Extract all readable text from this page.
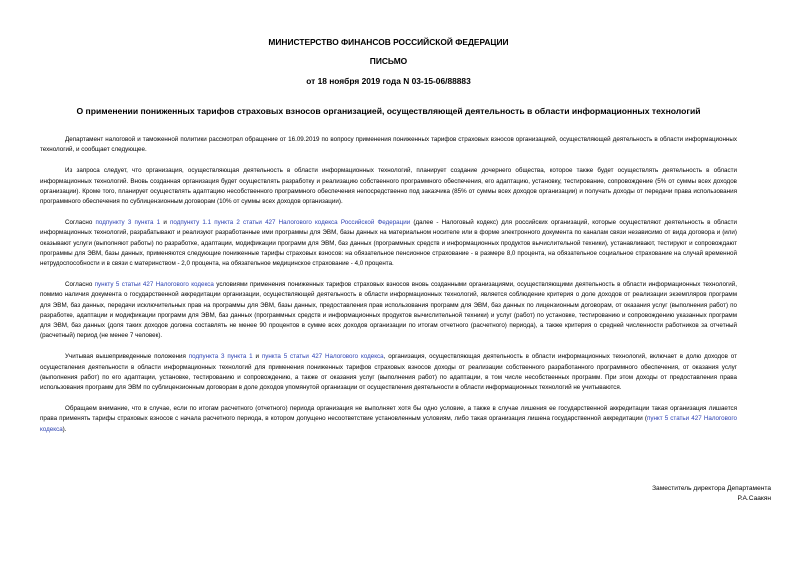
МИНИСТЕРСТВО ФИНАНСОВ РОССИЙСКОЙ ФЕДЕРАЦИИ
ПИСЬМО
от 18 ноября 2019 года N 03-15-06/88883
О применении пониженных тарифов страховых взносов организацией, осуществляющей деятельность в области информационных технологий

Департамент налоговой и таможенной политики рассмотрел обращение от 16.09.2019 по вопросу применения пониженных тарифов страховых взносов организацией, осуществляющей деятельность в области информационных технологий, и сообщает следующее.

Из запроса следует, что организация, осуществляющая деятельность в области информационных технологий, планирует создание дочернего общества, которое также будет осуществлять деятельность в области информационных технологий. Вновь созданная организация будет осуществлять разработку и реализацию собственного программного обеспечения, его адаптацию, установку, тестирование, сопровождение (5% от суммы всех доходов организации). Кроме того, планирует осуществлять адаптацию несобственного программного обеспечения непосредственно под заказчика (85% от суммы всех доходов организации) и получать доходы от передачи права использования программного обеспечения по сублицензионным договорам (10% от суммы всех доходов организации).

Согласно подпункту 3 пункта 1 и подпункту 1.1 пункта 2 статьи 427 Налогового кодекса Российской Федерации (далее - Налоговый кодекс) для российских организаций, которые осуществляют деятельность в области информационных технологий, разрабатывают и реализуют разработанные ими программы для ЭВМ, базы данных на материальном носителе или в форме электронного документа по каналам связи независимо от вида договора и (или) оказывают услуги (выполняют работы) по разработке, адаптации, модификации программ для ЭВМ, баз данных (программных средств и информационных продуктов вычислительной техники), устанавливают, тестируют и сопровождают программы для ЭВМ, базы данных, применяются следующие пониженные тарифы страховых взносов: на обязательное пенсионное страхование - в размере 8,0 процента, на обязательное социальное страхование на случай временной нетрудоспособности и в связи с материнством - 2,0 процента, на обязательное медицинское страхование - 4,0 процента.

Согласно пункту 5 статьи 427 Налогового кодекса условиями применения пониженных тарифов страховых взносов вновь созданными организациями, осуществляющими деятельность в области информационных технологий, помимо наличия документа о государственной аккредитации организации, осуществляющей деятельность в области информационных технологий, является соблюдение критерия о доле доходов от реализации экземпляров программ для ЭВМ, баз данных, передачи исключительных прав на программы для ЭВМ, базы данных, предоставления прав использования программ для ЭВМ, баз данных по лицензионным договорам, от оказания услуг (выполнения работ) по разработке, адаптации и модификации программ для ЭВМ, баз данных (программных средств и информационных продуктов вычислительной техники) и услуг (работ) по установке, тестированию и сопровождению указанных программ для ЭВМ, баз данных (доля таких доходов должна составлять не менее 90 процентов в сумме всех доходов организации по итогам отчетного (расчетного) периода), а также критерия о средней численности работников за отчетный (расчетный) период (не менее 7 человек).

Учитывая вышеприведенные положения подпункта 3 пункта 1 и пункта 5 статьи 427 Налогового кодекса, организация, осуществляющая деятельность в области информационных технологий, включает в долю доходов от осуществления деятельности в области информационных технологий для применения пониженных тарифов страховых взносов доходы от реализации собственного разработанного программного обеспечения, от оказания услуг (выполнения работ) по его адаптации, установке, тестированию и сопровождению, а также от оказания услуг (выполнения работ) по адаптации, в том числе несобственных программ. При этом доходы от предоставления права использования программ для ЭВМ по сублицензионным договорам в доле доходов упомянутой организации от осуществления деятельности в области информационных технологий не учитываются.

Обращаем внимание, что в случае, если по итогам расчетного (отчетного) периода организация не выполняет хотя бы одно условие, а также в случае лишения ее государственной аккредитации такая организация лишается права применять тарифы страховых взносов с начала расчетного периода, в котором допущено несоответствие установленным условиям, либо такая организация лишена государственной аккредитации (пункт 5 статьи 427 Налогового кодекса).

Заместитель директора Департамента
Р.А.Саакян
